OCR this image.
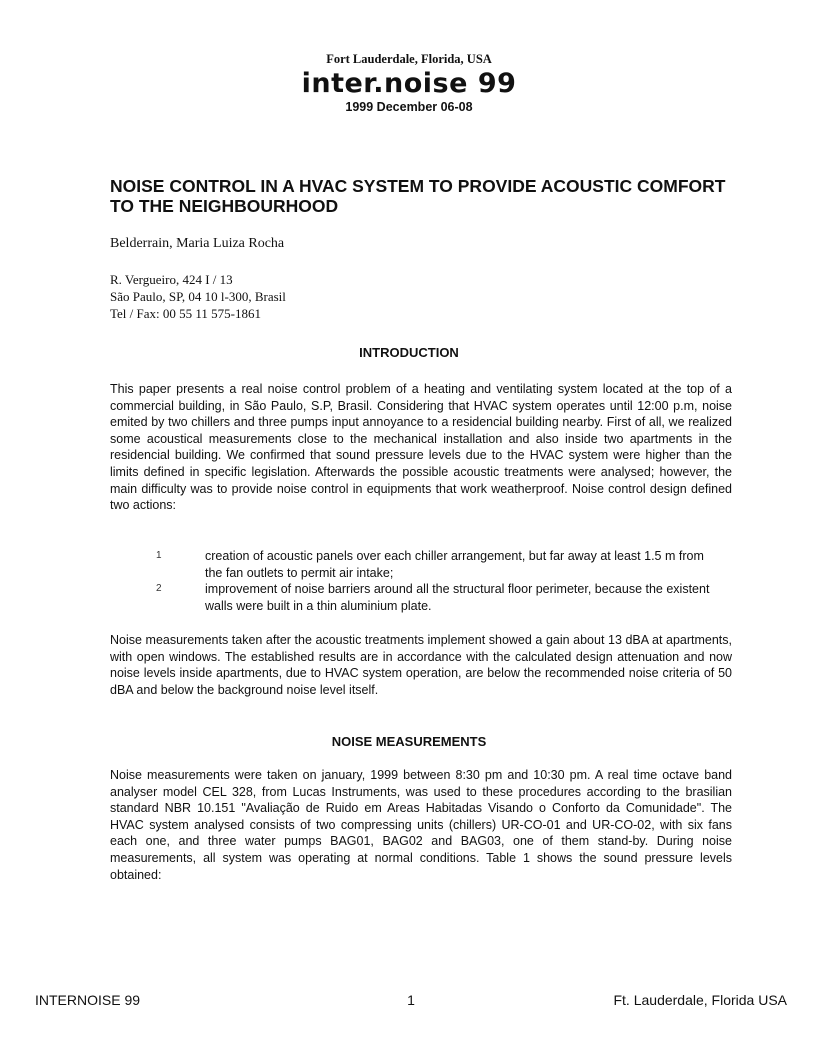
Fort Lauderdale, Florida, USA
inter.noise 99
1999 December 06-08
NOISE CONTROL IN A HVAC SYSTEM TO PROVIDE ACOUSTIC COMFORT TO THE NEIGHBOURHOOD
Belderrain, Maria Luiza Rocha
R. Vergueiro, 424 I / 13
São Paulo, SP, 04 10 l-300, Brasil
Tel / Fax: 00 55 11 575-1861
INTRODUCTION

This paper presents a real noise control problem of a heating and ventilating system located at the top of a commercial building, in São Paulo, S.P, Brasil. Considering that HVAC system operates until 12:00 p.m, noise emited by two chillers and three pumps input annoyance to a residencial building nearby. First of all, we realized some acoustical measurements close to the mechanical installation and also inside two apartments in the residencial building. We confirmed that sound pressure levels due to the HVAC system were higher than the limits defined in specific legislation. Afterwards the possible acoustic treatments were analysed; however, the main difficulty was to provide noise control in equipments that work weatherproof. Noise control design defined two actions:

1	creation of acoustic panels over each chiller arrangement, but far away at least 1.5 m from the fan outlets to permit air intake;
2	improvement of noise barriers around all the structural floor perimeter, because the existent walls were built in a thin aluminium plate.

Noise measurements taken after the acoustic treatments implement showed a gain about 13 dBA at apartments, with open windows. The established results are in accordance with the calculated design attenuation and now noise levels inside apartments, due to HVAC system operation, are below the recommended noise criteria of 50 dBA and below the background noise level itself.

NOISE MEASUREMENTS

Noise measurements were taken on january, 1999 between 8:30 pm and 10:30 pm. A real time octave band analyser model CEL 328, from Lucas Instruments, was used to these procedures according to the brasilian standard NBR 10.151 "Avaliação de Ruido em Areas Habitadas Visando o Conforto da Comunidade". The HVAC system analysed consists of two compressing units (chillers) UR-CO-01 and UR-CO-02, with six fans each one, and three water pumps BAG01, BAG02 and BAG03, one of them stand-by. During noise measurements, all system was operating at normal conditions. Table 1 shows the sound pressure levels obtained:

INTERNOISE 99	1	Ft. Lauderdale, Florida USA
